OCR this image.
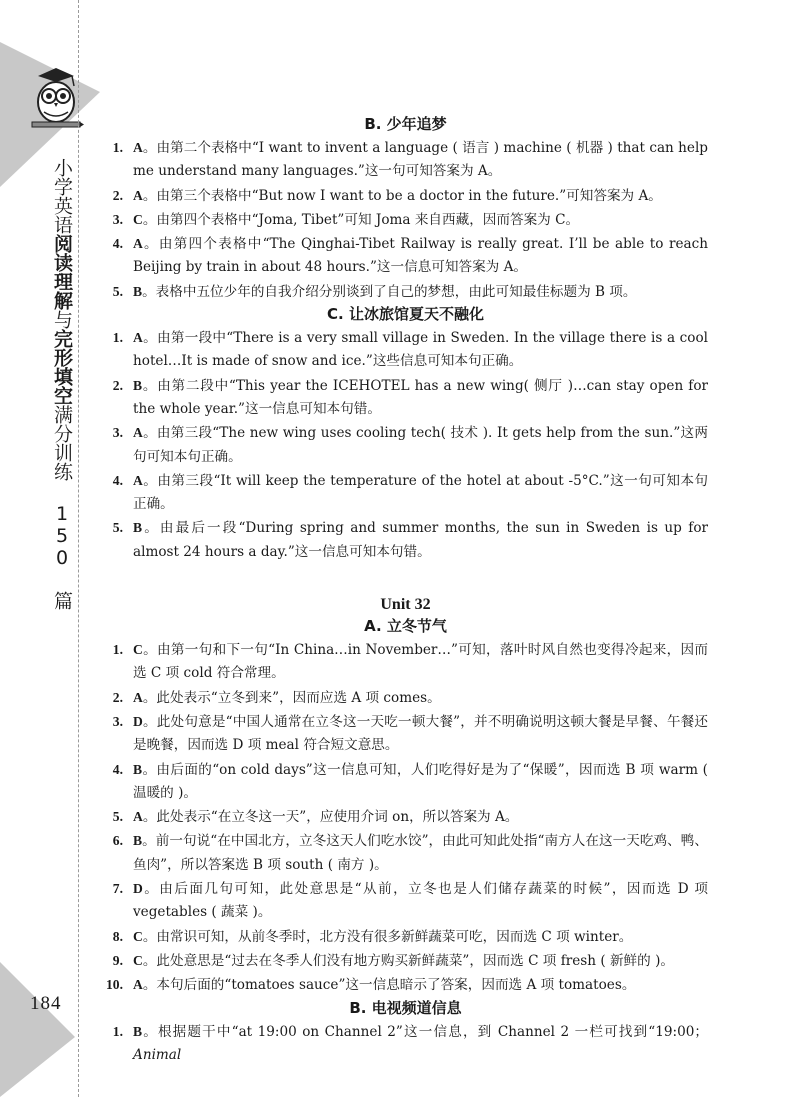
小学英语阅读理解与完形填空满分训练 150 篇
184
B. 少年追梦
1. A。由第二个表格中“I want to invent a language ( 语言 ) machine ( 机器 ) that can help me understand many languages.”这一句可知答案为 A。
2. A。由第三个表格中“But now I want to be a doctor in the future.”可知答案为 A。
3. C。由第四个表格中“Joma, Tibet”可知 Joma 来自西藏，因而答案为 C。
4. A。由第四个表格中“The Qinghai-Tibet Railway is really great. I’ll be able to reach Beijing by train in about 48 hours.”这一信息可知答案为 A。
5. B。表格中五位少年的自我介绍分别谈到了自己的梦想，由此可知最佳标题为 B 项。
C. 让冰旅馆夏天不融化
1. A。由第一段中“There is a very small village in Sweden. In the village there is a cool hotel…It is made of snow and ice.”这些信息可知本句正确。
2. B。由第二段中“This year the ICEHOTEL has a new wing( 侧厅 )…can stay open for the whole year.”这一信息可知本句错。
3. A。由第三段“The new wing uses cooling tech( 技术 ). It gets help from the sun.”这两句可知本句正确。
4. A。由第三段“It will keep the temperature of the hotel at about -5°C.”这一句可知本句正确。
5. B。由最后一段“During spring and summer months, the sun in Sweden is up for almost 24 hours a day.”这一信息可知本句错。
Unit 32
A. 立冬节气
1. C。由第一句和下一句“In China…in November…”可知，落叶时风自然也变得冷起来，因而选 C 项 cold 符合常理。
2. A。此处表示“立冬到来”，因而应选 A 项 comes。
3. D。此处句意是“中国人通常在立冬这一天吃一顿大餐”，并不明确说明这顿大餐是早餐、午餐还是晚餐，因而选 D 项 meal 符合短文意思。
4. B。由后面的“on cold days”这一信息可知，人们吃得好是为了“保暖”，因而选 B 项 warm ( 温暖的 )。
5. A。此处表示“在立冬这一天”，应使用介词 on，所以答案为 A。
6. B。前一句说“在中国北方，立冬这天人们吃水饺”，由此可知此处指“南方人在这一天吃鸡、鸭、鱼肉”，所以答案选 B 项 south ( 南方 )。
7. D。由后面几句可知，此处意思是“从前，立冬也是人们储存蔬菜的时候”，因而选 D 项 vegetables ( 蔬菜 )。
8. C。由常识可知，从前冬季时，北方没有很多新鲜蔬菜可吃，因而选 C 项 winter。
9. C。此处意思是“过去在冬季人们没有地方购买新鲜蔬菜”，因而选 C 项 fresh ( 新鲜的 )。
10. A。本句后面的“tomatoes sauce”这一信息暗示了答案，因而选 A 项 tomatoes。
B. 电视频道信息
1. B。根据题干中“at 19:00 on Channel 2”这一信息，到 Channel 2 一栏可找到“19:00；Animal
